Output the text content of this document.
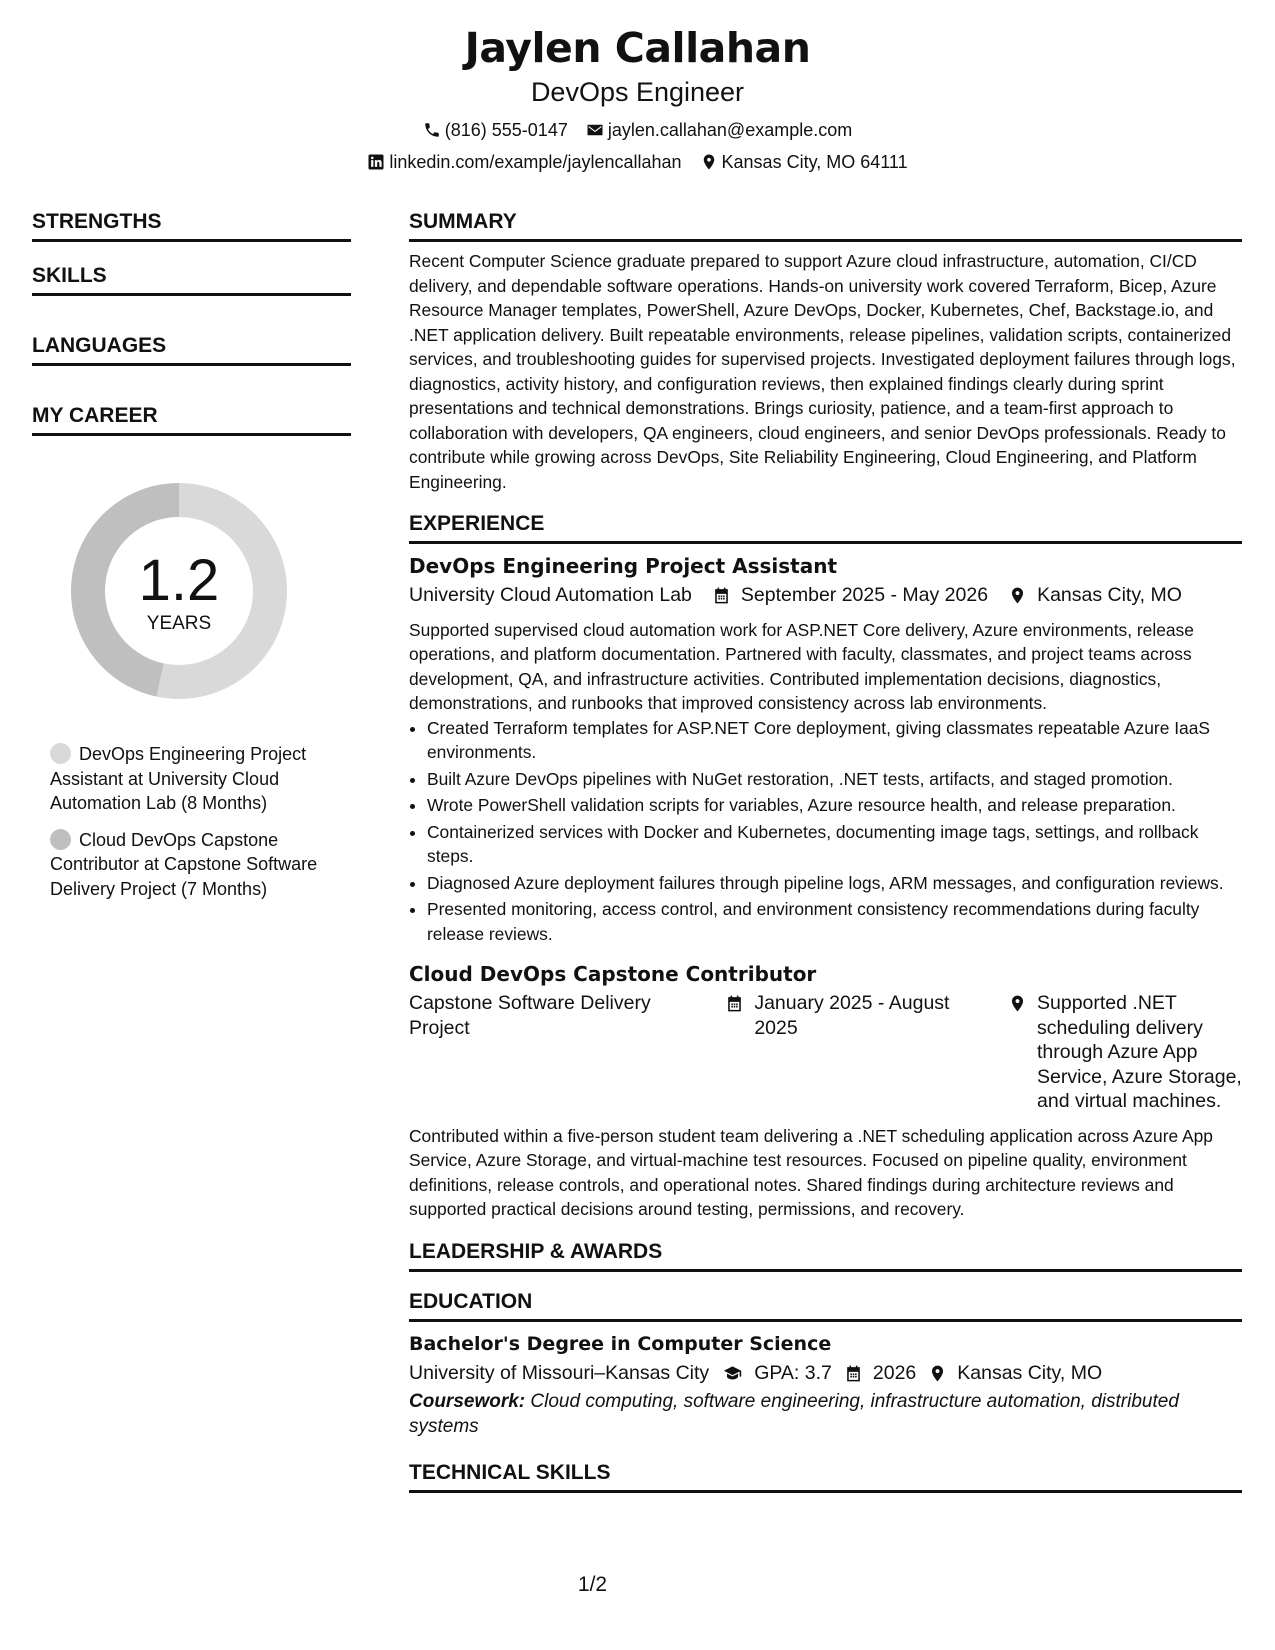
Jaylen Callahan
DevOps Engineer
(816) 555-0147 jaylen.callahan@example.com
linkedin.com/example/jaylencallahan Kansas City, MO 64111
STRENGTHS
SKILLS
LANGUAGES
MY CAREER
1.2
YEARS
DevOps Engineering Project Assistant at University Cloud Automation Lab (8 Months)
Cloud DevOps Capstone Contributor at Capstone Software Delivery Project (7 Months)
SUMMARY
Recent Computer Science graduate prepared to support Azure cloud infrastructure, automation, CI/CD delivery, and dependable software operations. Hands-on university work covered Terraform, Bicep, Azure Resource Manager templates, PowerShell, Azure DevOps, Docker, Kubernetes, Chef, Backstage.io, and .NET application delivery. Built repeatable environments, release pipelines, validation scripts, containerized services, and troubleshooting guides for supervised projects. Investigated deployment failures through logs, diagnostics, activity history, and configuration reviews, then explained findings clearly during sprint presentations and technical demonstrations. Brings curiosity, patience, and a team-first approach to collaboration with developers, QA engineers, cloud engineers, and senior DevOps professionals. Ready to contribute while growing across DevOps, Site Reliability Engineering, Cloud Engineering, and Platform Engineering.
EXPERIENCE
DevOps Engineering Project Assistant
University Cloud Automation Lab	September 2025 - May 2026	Kansas City, MO
Supported supervised cloud automation work for ASP.NET Core delivery, Azure environments, release operations, and platform documentation. Partnered with faculty, classmates, and project teams across development, QA, and infrastructure activities. Contributed implementation decisions, diagnostics, demonstrations, and runbooks that improved consistency across lab environments.
• Created Terraform templates for ASP.NET Core deployment, giving classmates repeatable Azure IaaS environments.
• Built Azure DevOps pipelines with NuGet restoration, .NET tests, artifacts, and staged promotion.
• Wrote PowerShell validation scripts for variables, Azure resource health, and release preparation.
• Containerized services with Docker and Kubernetes, documenting image tags, settings, and rollback steps.
• Diagnosed Azure deployment failures through pipeline logs, ARM messages, and configuration reviews.
• Presented monitoring, access control, and environment consistency recommendations during faculty release reviews.
Cloud DevOps Capstone Contributor
Capstone Software Delivery Project
January 2025 - August 2025
Supported .NET scheduling delivery through Azure App Service, Azure Storage, and virtual machines.
Contributed within a five-person student team delivering a .NET scheduling application across Azure App Service, Azure Storage, and virtual-machine test resources. Focused on pipeline quality, environment definitions, release controls, and operational notes. Shared findings during architecture reviews and supported practical decisions around testing, permissions, and recovery.
LEADERSHIP & AWARDS
EDUCATION
Bachelor's Degree in Computer Science
University of Missouri–Kansas City GPA: 3.7 2026 Kansas City, MO
Coursework: Cloud computing, software engineering, infrastructure automation, distributed systems
TECHNICAL SKILLS
1/2
